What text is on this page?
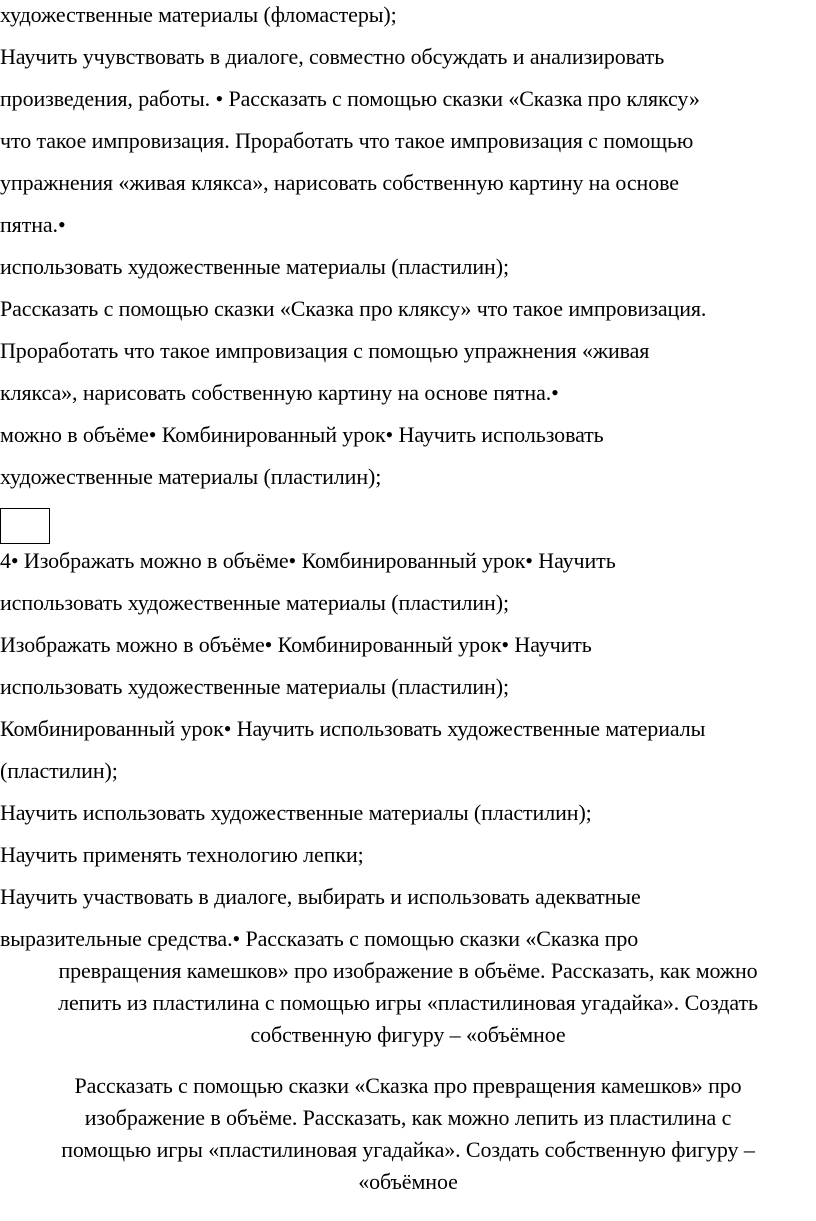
художественные материалы (фломастеры);
Научить учувствовать в диалоге, совместно обсуждать и анализировать
произведения, работы. • Рассказать с помощью сказки «Сказка про кляксу»
что такое импровизация. Проработать что такое импровизация с помощью
упражнения «живая клякса», нарисовать собственную картину на основе
пятна.•
использовать художественные материалы (пластилин);
Рассказать с помощью сказки «Сказка про кляксу» что такое импровизация.
Проработать что такое импровизация с помощью упражнения «живая
клякса», нарисовать собственную картину на основе пятна.•
можно в объёме• Комбинированный урок• Научить использовать
художественные материалы (пластилин);
4• Изображать можно в объёме• Комбинированный урок• Научить
использовать художественные материалы (пластилин);
Изображать можно в объёме• Комбинированный урок• Научить
использовать художественные материалы (пластилин);
Комбинированный урок• Научить использовать художественные материалы
(пластилин);
Научить использовать художественные материалы (пластилин);
Научить применять технологию лепки;
Научить участвовать в диалоге, выбирать и использовать адекватные
выразительные средства.• Рассказать с помощью сказки «Сказка про
превращения камешков» про изображение в объёме. Рассказать, как можно
лепить из пластилина с помощью игры «пластилиновая угадайка». Создать
собственную фигуру – «объёмное
Рассказать с помощью сказки «Сказка про превращения камешков» про
изображение в объёме. Рассказать, как можно лепить из пластилина с
помощью игры «пластилиновая угадайка». Создать собственную фигуру –
«объёмное
